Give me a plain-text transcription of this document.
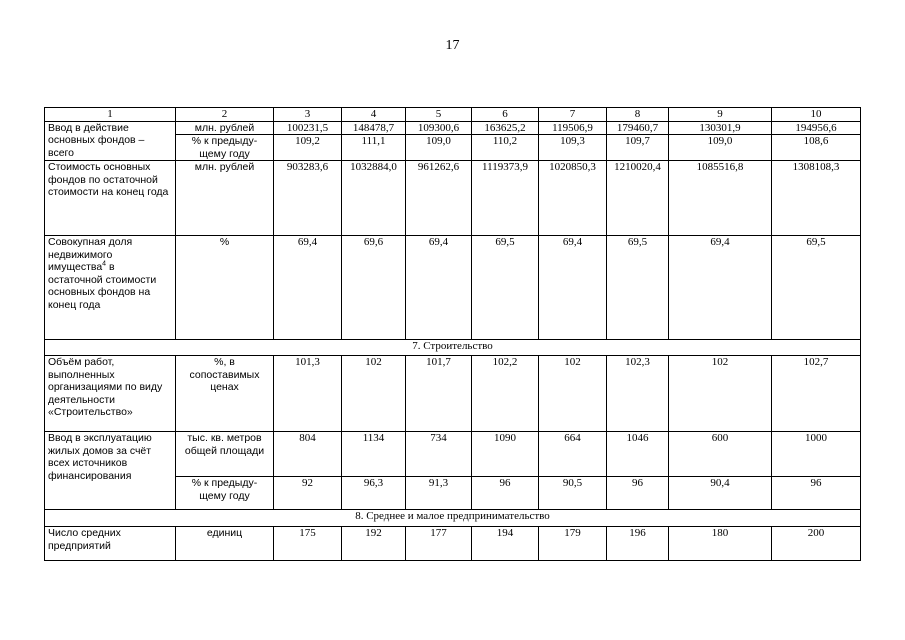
17
1	2	3	4	5	6	7	8	9	10
Ввод в действие основных фондов – всего	млн. рублей	100231,5	148478,7	109300,6	163625,2	119506,9	179460,7	130301,9	194956,6
	% к предыду-щему году	109,2	111,1	109,0	110,2	109,3	109,7	109,0	108,6
Стоимость основных фондов по остаточной стоимости на конец года	млн. рублей	903283,6	1032884,0	961262,6	1119373,9	1020850,3	1210020,4	1085516,8	1308108,3
Совокупная доля недвижимого имущества$^4$ в остаточной стоимости основных фондов на конец года	%	69,4	69,6	69,4	69,5	69,4	69,5	69,4	69,5
7. Строительство									
Объём работ, выполненных организациями по виду деятельности «Строительство»	%, в сопоставимых ценах	101,3	102	101,7	102,2	102	102,3	102	102,7
Ввод в эксплуатацию жилых домов за счёт всех источников финансирования	тыс. кв. метров общей площади	804	1134	734	1090	664	1046	600	1000
	% к предыду-щему году	92	96,3	91,3	96	90,5	96	90,4	96
8. Среднее и малое предпринимательство									
Число средних предприятий	единиц	175	192	177	194	179	196	180	200
